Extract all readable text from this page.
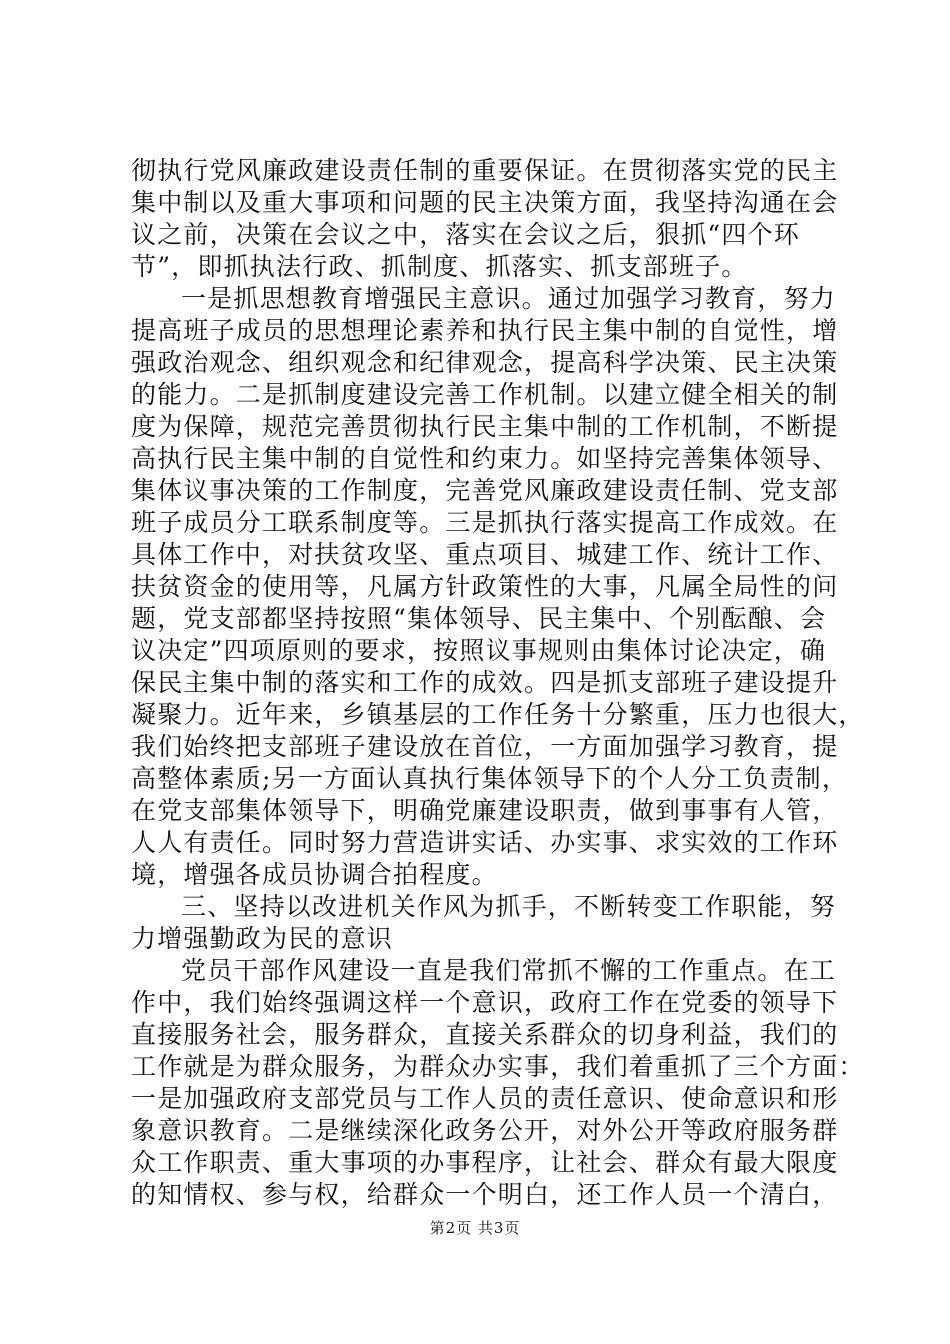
彻执行党风廉政建设责任制的重要保证。在贯彻落实党的民主
集中制以及重大事项和问题的民主决策方面，我坚持沟通在会
议之前，决策在会议之中，落实在会议之后，狠抓“四个环
节”，即抓执法行政、抓制度、抓落实、抓支部班子。
一是抓思想教育增强民主意识。通过加强学习教育，努力
提高班子成员的思想理论素养和执行民主集中制的自觉性，增
强政治观念、组织观念和纪律观念，提高科学决策、民主决策
的能力。二是抓制度建设完善工作机制。以建立健全相关的制
度为保障，规范完善贯彻执行民主集中制的工作机制，不断提
高执行民主集中制的自觉性和约束力。如坚持完善集体领导、
集体议事决策的工作制度，完善党风廉政建设责任制、党支部
班子成员分工联系制度等。三是抓执行落实提高工作成效。在
具体工作中，对扶贫攻坚、重点项目、城建工作、统计工作、
扶贫资金的使用等，凡属方针政策性的大事，凡属全局性的问
题，党支部都坚持按照“集体领导、民主集中、个别酝酿、会
议决定”四项原则的要求，按照议事规则由集体讨论决定，确
保民主集中制的落实和工作的成效。四是抓支部班子建设提升
凝聚力。近年来，乡镇基层的工作任务十分繁重，压力也很大，
我们始终把支部班子建设放在首位，一方面加强学习教育，提
高整体素质;另一方面认真执行集体领导下的个人分工负责制，
在党支部集体领导下，明确党廉建设职责，做到事事有人管，
人人有责任。同时努力营造讲实话、办实事、求实效的工作环
境，增强各成员协调合拍程度。
三、坚持以改进机关作风为抓手，不断转变工作职能，努
力增强勤政为民的意识
党员干部作风建设一直是我们常抓不懈的工作重点。在工
作中，我们始终强调这样一个意识，政府工作在党委的领导下
直接服务社会，服务群众，直接关系群众的切身利益，我们的
工作就是为群众服务，为群众办实事，我们着重抓了三个方面：
一是加强政府支部党员与工作人员的责任意识、使命意识和形
象意识教育。二是继续深化政务公开，对外公开等政府服务群
众工作职责、重大事项的办事程序，让社会、群众有最大限度
的知情权、参与权，给群众一个明白，还工作人员一个清白，
第2页 共3页
